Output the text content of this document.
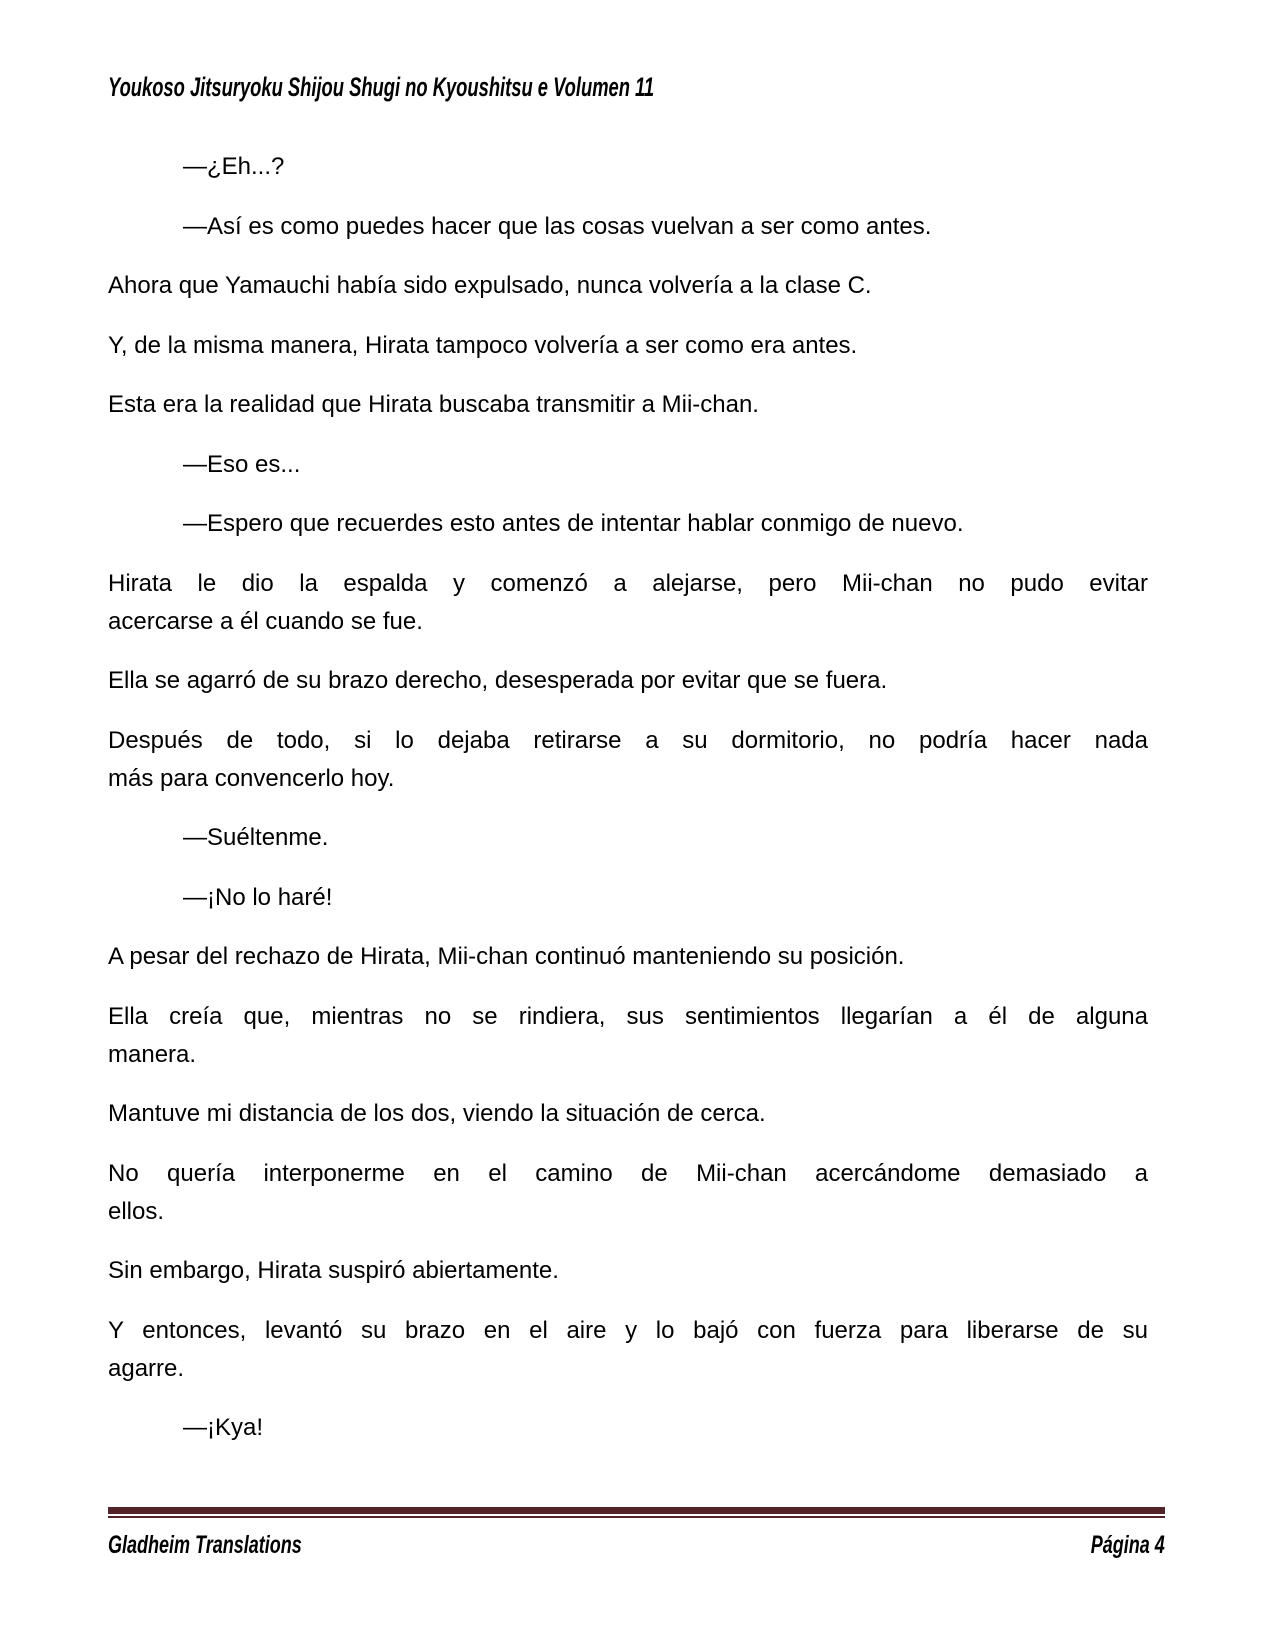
Youkoso Jitsuryoku Shijou Shugi no Kyoushitsu e Volumen 11
—¿Eh...?
—Así es como puedes hacer que las cosas vuelvan a ser como antes.
Ahora que Yamauchi había sido expulsado, nunca volvería a la clase C.
Y, de la misma manera, Hirata tampoco volvería a ser como era antes.
Esta era la realidad que Hirata buscaba transmitir a Mii-chan.
—Eso es...
—Espero que recuerdes esto antes de intentar hablar conmigo de nuevo.
Hirata le dio la espalda y comenzó a alejarse, pero Mii-chan no pudo evitar
acercarse a él cuando se fue.
Ella se agarró de su brazo derecho, desesperada por evitar que se fuera.
Después de todo, si lo dejaba retirarse a su dormitorio, no podría hacer nada
más para convencerlo hoy.
—Suéltenme.
—¡No lo haré!
A pesar del rechazo de Hirata, Mii-chan continuó manteniendo su posición.
Ella creía que, mientras no se rindiera, sus sentimientos llegarían a él de alguna
manera.
Mantuve mi distancia de los dos, viendo la situación de cerca.
No quería interponerme en el camino de Mii-chan acercándome demasiado a
ellos.
Sin embargo, Hirata suspiró abiertamente.
Y entonces, levantó su brazo en el aire y lo bajó con fuerza para liberarse de su
agarre.
—¡Kya!
Gladheim Translations	Página 4
